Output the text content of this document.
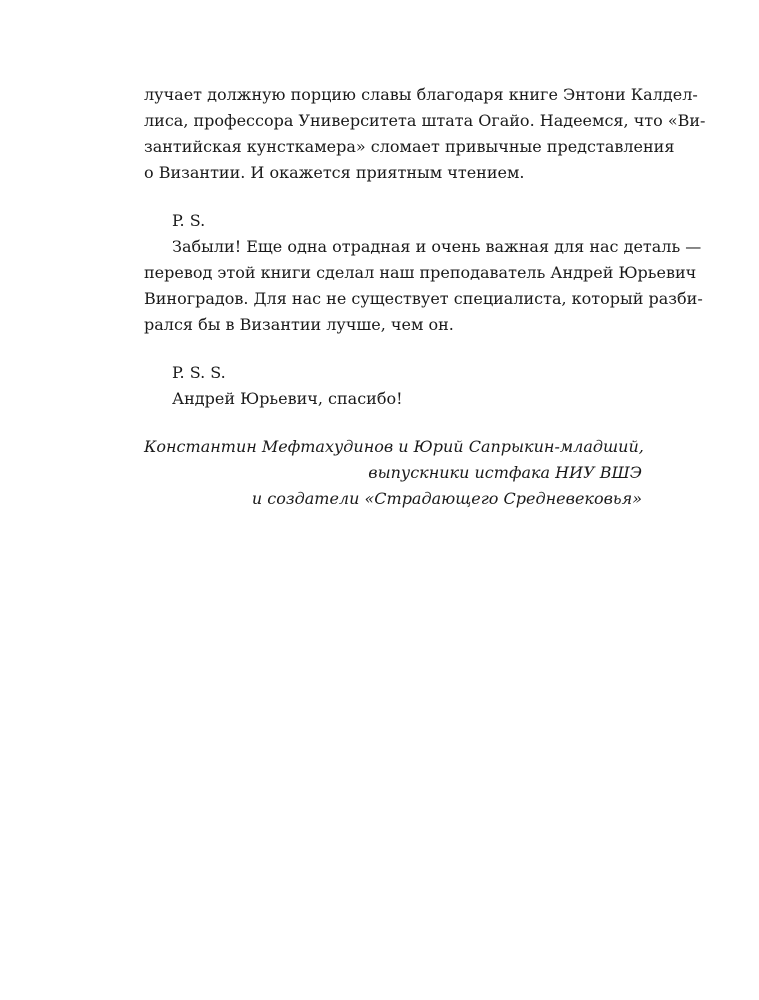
лучает должную порцию славы благодаря книге Энтони Калдел-

лиса, профессора Университета штата Огайо. Надеемся, что «Ви-

зантийская кунсткамера» сломает привычные представления

о Византии. И окажется приятным чтением.

P. S.

Забыли! Еще одна отрадная и очень важная для нас деталь —

перевод этой книги сделал наш преподаватель Андрей Юрьевич

Виноградов. Для нас не существует специалиста, который разби-

рался бы в Византии лучше, чем он.

P. S. S.

Андрей Юрьевич, спасибо!

Константин Мефтахудинов и Юрий Сапрыкин-младший,

выпускники истфака НИУ ВШЭ

и создатели «Страдающего Средневековья»
